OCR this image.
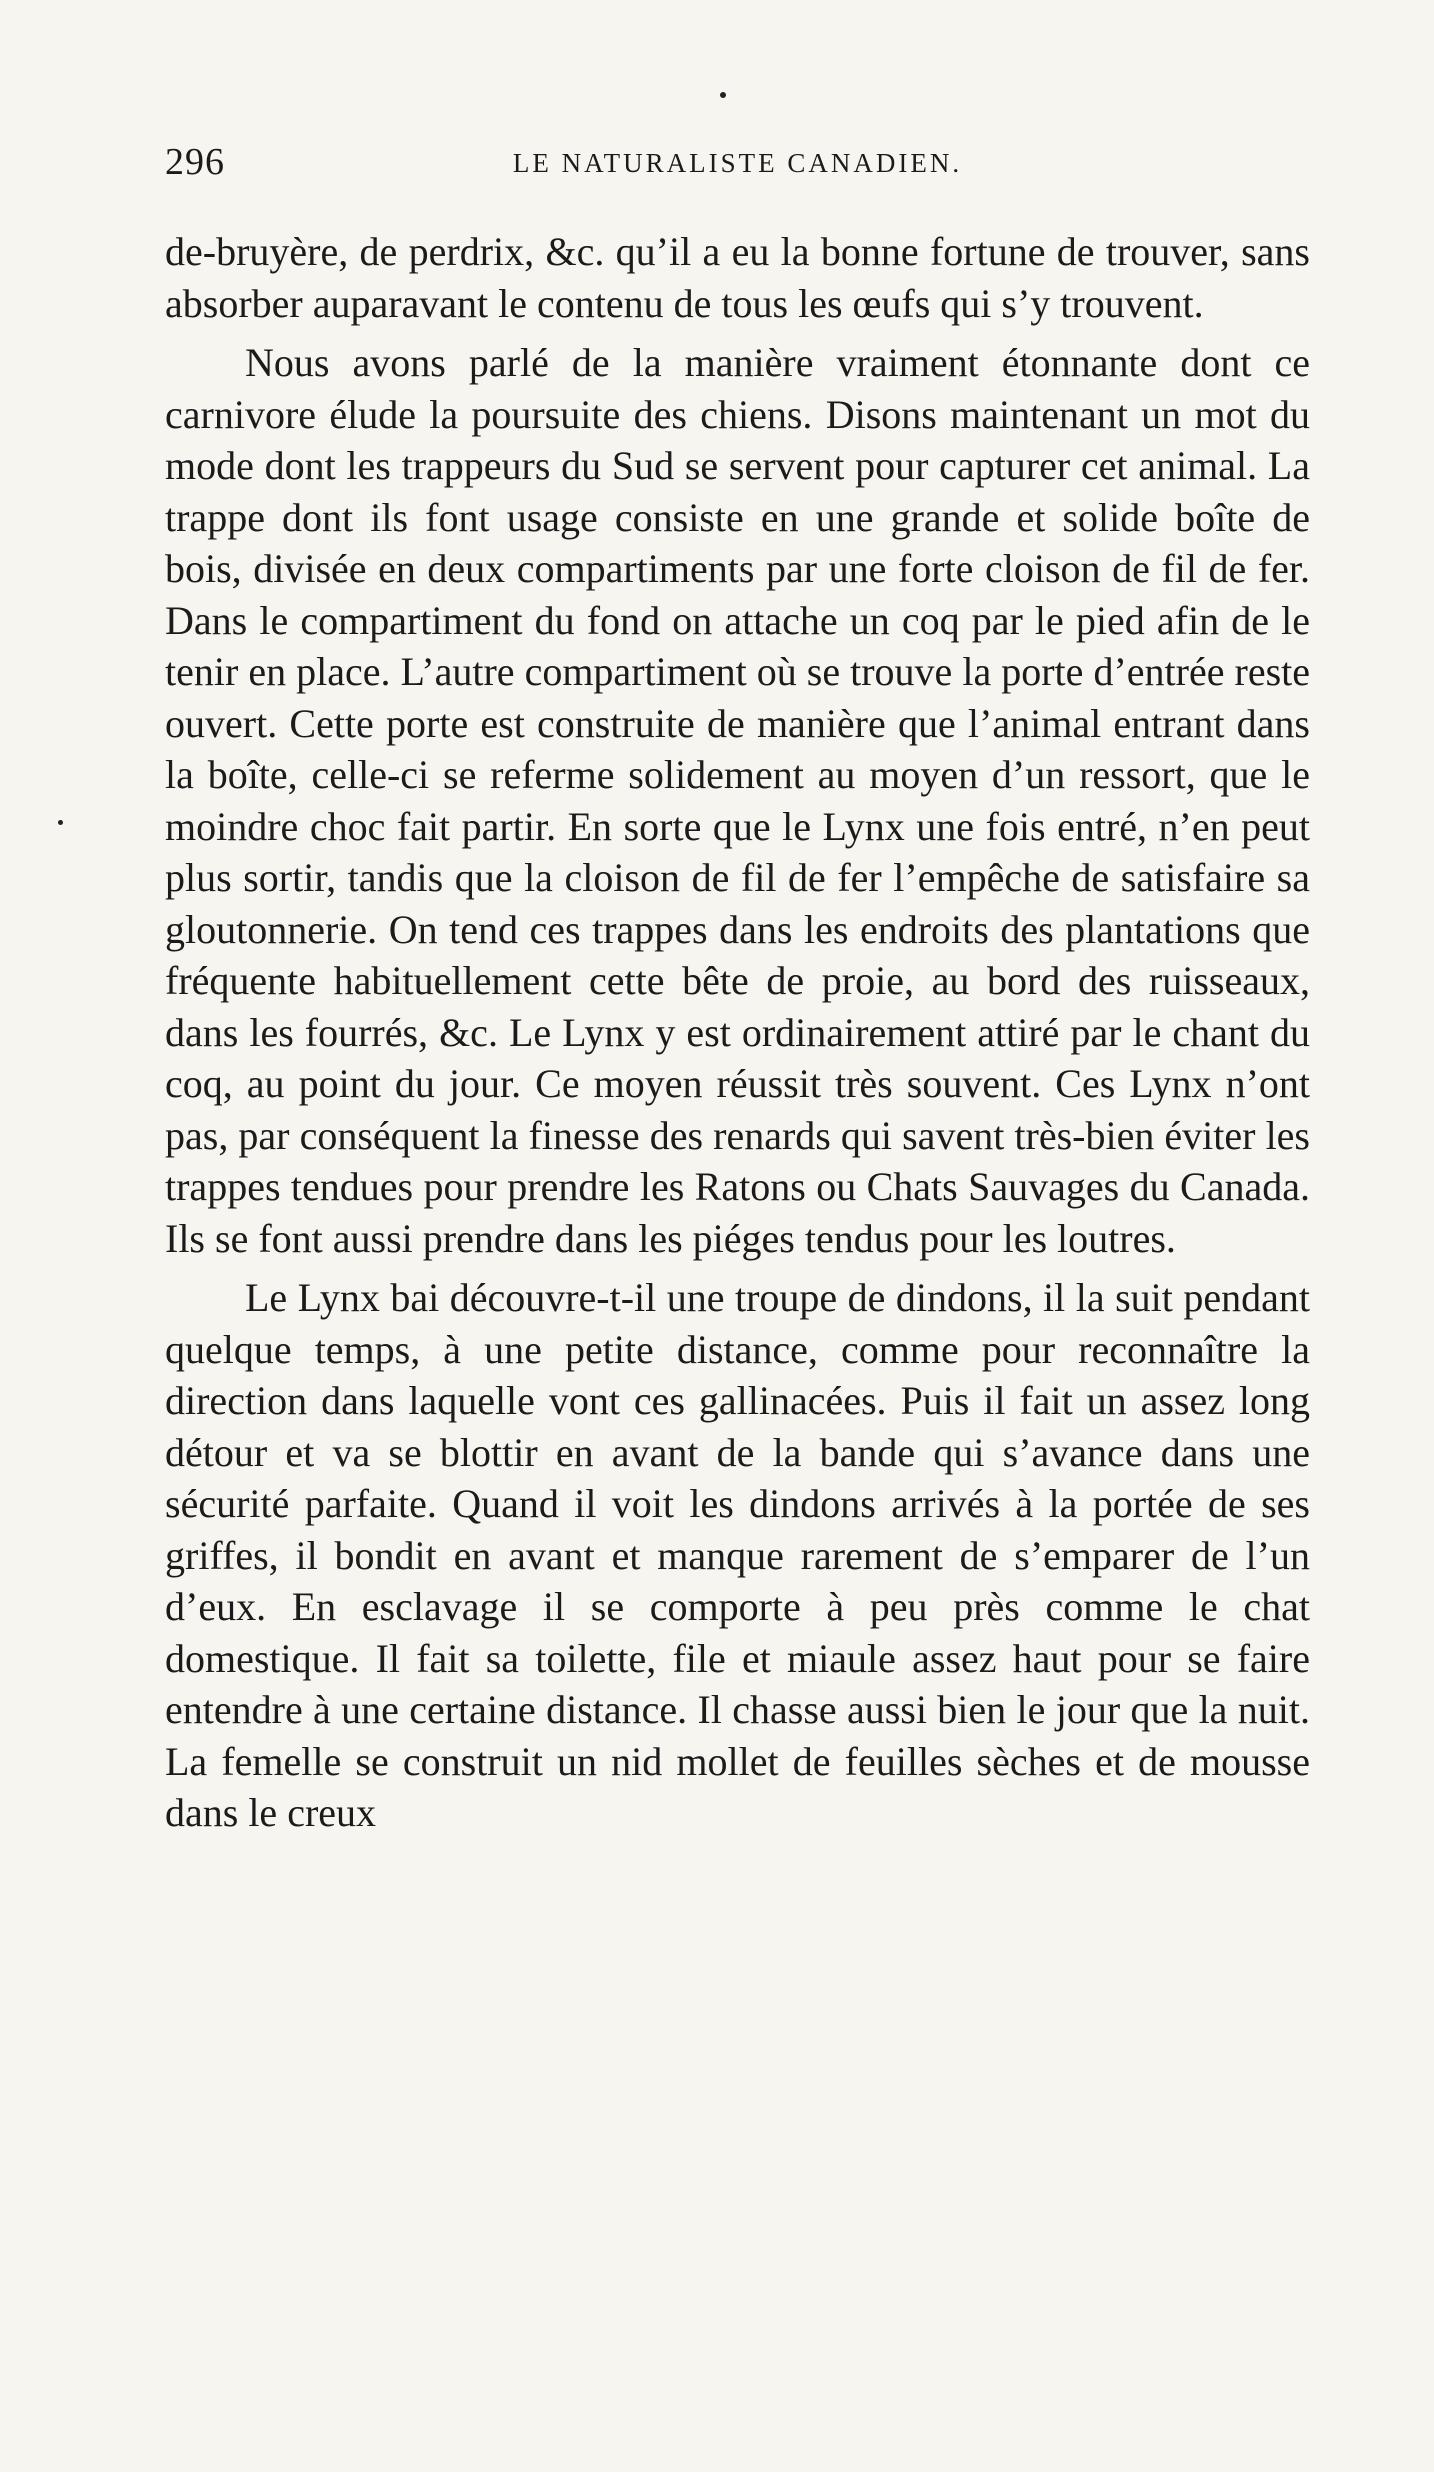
296	LE NATURALISTE CANADIEN.

de-bruyère, de perdrix, &c. qu’il a eu la bonne fortune de trouver, sans absorber auparavant le contenu de tous les œufs qui s’y trouvent.

Nous avons parlé de la manière vraiment étonnante dont ce carnivore élude la poursuite des chiens. Disons maintenant un mot du mode dont les trappeurs du Sud se servent pour capturer cet animal. La trappe dont ils font usage consiste en une grande et solide boîte de bois, divisée en deux compartiments par une forte cloison de fil de fer. Dans le compartiment du fond on attache un coq par le pied afin de le tenir en place. L’autre compartiment où se trouve la porte d’entrée reste ouvert. Cette porte est construite de manière que l’animal entrant dans la boîte, celle-ci se referme solidement au moyen d’un ressort, que le moindre choc fait partir. En sorte que le Lynx une fois entré, n’en peut plus sortir, tandis que la cloison de fil de fer l’empêche de satisfaire sa gloutonnerie. On tend ces trappes dans les endroits des plantations que fréquente habituellement cette bête de proie, au bord des ruisseaux, dans les fourrés, &c. Le Lynx y est ordinairement attiré par le chant du coq, au point du jour. Ce moyen réussit très souvent. Ces Lynx n’ont pas, par conséquent la finesse des renards qui savent très-bien éviter les trappes tendues pour prendre les Ratons ou Chats Sauvages du Canada. Ils se font aussi prendre dans les piéges tendus pour les loutres.

Le Lynx bai découvre-t-il une troupe de dindons, il la suit pendant quelque temps, à une petite distance, comme pour reconnaître la direction dans laquelle vont ces gallinacées. Puis il fait un assez long détour et va se blottir en avant de la bande qui s’avance dans une sécurité parfaite. Quand il voit les dindons arrivés à la portée de ses griffes, il bondit en avant et manque rarement de s’emparer de l’un d’eux. En esclavage il se comporte à peu près comme le chat domestique. Il fait sa toilette, file et miaule assez haut pour se faire entendre à une certaine distance. Il chasse aussi bien le jour que la nuit. La femelle se construit un nid mollet de feuilles sèches et de mousse dans le creux
